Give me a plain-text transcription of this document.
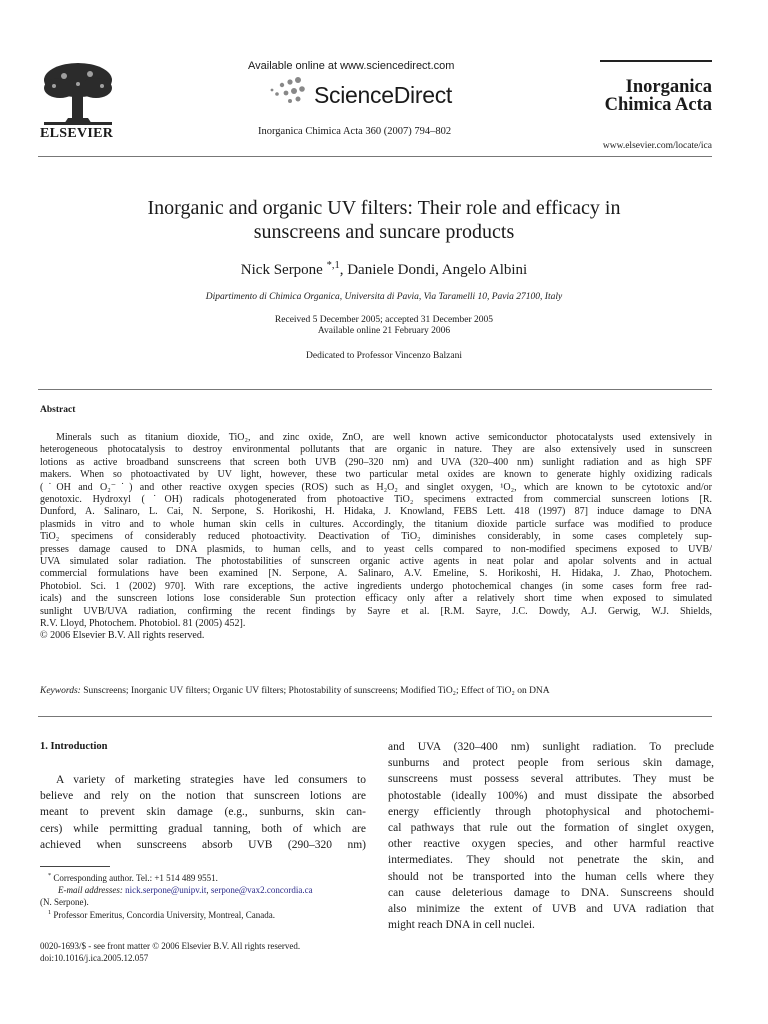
ELSEVIER
Available online at www.sciencedirect.com
ScienceDirect
Inorganica Chimica Acta 360 (2007) 794–802
Inorganica
Chimica Acta
www.elsevier.com/locate/ica
Inorganic and organic UV filters: Their role and efficacy in
sunscreens and suncare products
Nick Serpone $^{*,1}$, Daniele Dondi, Angelo Albini
Dipartimento di Chimica Organica, Universita di Pavia, Via Taramelli 10, Pavia 27100, Italy
Received 5 December 2005; accepted 31 December 2005
Available online 21 February 2006
Dedicated to Professor Vincenzo Balzani
Abstract
Minerals such as titanium dioxide, TiO₂, and zinc oxide, ZnO, are well known active semiconductor photocatalysts used extensively in
heterogeneous photocatalysis to destroy environmental pollutants that are organic in nature. They are also extensively used in sunscreen
lotions as active broadband sunscreens that screen both UVB (290–320 nm) and UVA (320–400 nm) sunlight radiation and as high SPF
makers. When so photoactivated by UV light, however, these two particular metal oxides are known to generate highly oxidizing radicals
(˙OH and O₂⁻˙) and other reactive oxygen species (ROS) such as H₂O₂ and singlet oxygen, ¹O₂, which are known to be cytotoxic and/or
genotoxic. Hydroxyl (˙OH) radicals photogenerated from photoactive TiO₂ specimens extracted from commercial sunscreen lotions [R.
Dunford, A. Salinaro, L. Cai, N. Serpone, S. Horikoshi, H. Hidaka, J. Knowland, FEBS Lett. 418 (1997) 87] induce damage to DNA
plasmids in vitro and to whole human skin cells in cultures. Accordingly, the titanium dioxide particle surface was modified to produce
TiO₂ specimens of considerably reduced photoactivity. Deactivation of TiO₂ diminishes considerably, in some cases completely sup-
presses damage caused to DNA plasmids, to human cells, and to yeast cells compared to non-modified specimens exposed to UVB/
UVA simulated solar radiation. The photostabilities of sunscreen organic active agents in neat polar and apolar solvents and in actual
commercial formulations have been examined [N. Serpone, A. Salinaro, A.V. Emeline, S. Horikoshi, H. Hidaka, J. Zhao, Photochem.
Photobiol. Sci. 1 (2002) 970]. With rare exceptions, the active ingredients undergo photochemical changes (in some cases form free rad-
icals) and the sunscreen lotions lose considerable Sun protection efficacy only after a relatively short time when exposed to simulated
sunlight UVB/UVA radiation, confirming the recent findings by Sayre et al. [R.M. Sayre, J.C. Dowdy, A.J. Gerwig, W.J. Shields,
R.V. Lloyd, Photochem. Photobiol. 81 (2005) 452].
© 2006 Elsevier B.V. All rights reserved.
Keywords: Sunscreens; Inorganic UV filters; Organic UV filters; Photostability of sunscreens; Modified TiO₂; Effect of TiO₂ on DNA
1. Introduction
A variety of marketing strategies have led consumers to
believe and rely on the notion that sunscreen lotions are
meant to prevent skin damage (e.g., sunburns, skin can-
cers) while permitting gradual tanning, both of which are
achieved when sunscreens absorb UVB (290–320 nm)
and UVA (320–400 nm) sunlight radiation. To preclude
sunburns and protect people from serious skin damage,
sunscreens must possess several attributes. They must be
photostable (ideally 100%) and must dissipate the absorbed
energy efficiently through photophysical and photochemi-
cal pathways that rule out the formation of singlet oxygen,
other reactive oxygen species, and other harmful reactive
intermediates. They should not penetrate the skin, and
should not be transported into the human cells where they
can cause deleterious damage to DNA. Sunscreens should
also minimize the extent of UVB and UVA radiation that
might reach DNA in cell nuclei.
* Corresponding author. Tel.: +1 514 489 9551.
E-mail addresses: nick.serpone@unipv.it, serpone@vax2.concordia.ca
(N. Serpone).
$^1$ Professor Emeritus, Concordia University, Montreal, Canada.
0020-1693/$ - see front matter © 2006 Elsevier B.V. All rights reserved.
doi:10.1016/j.ica.2005.12.057
